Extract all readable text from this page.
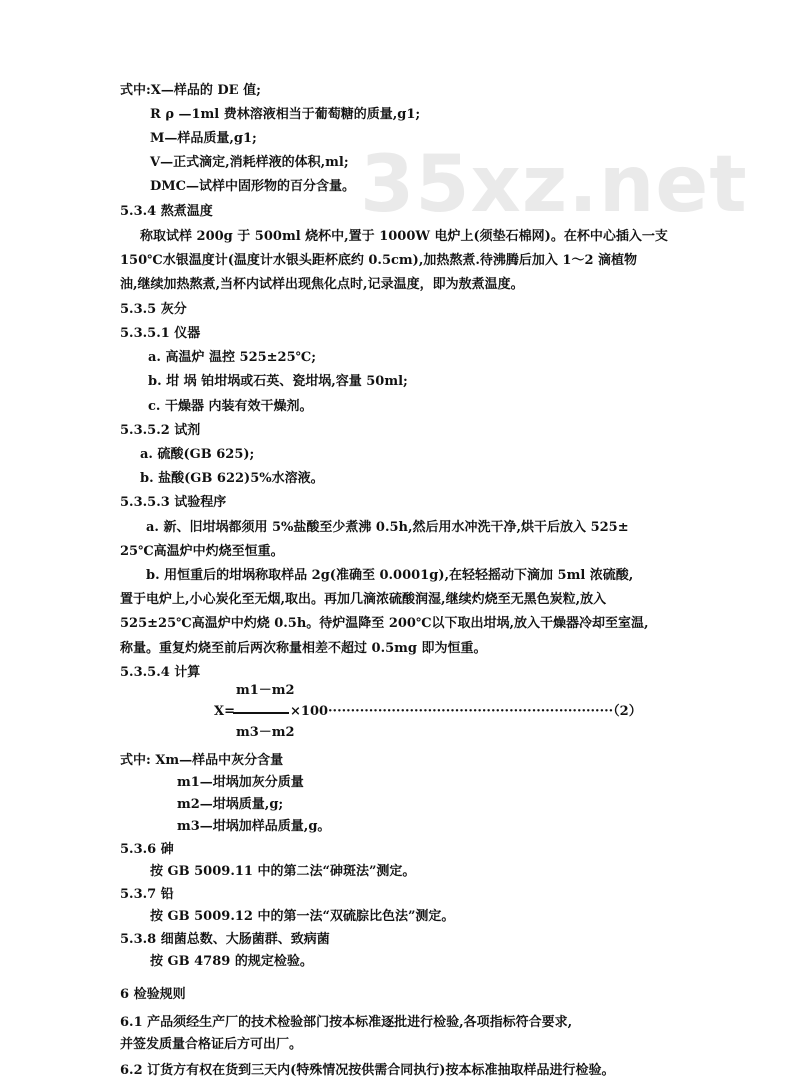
35xz.net
式中:X—样品的 DE 值;
R ρ —1ml 费林溶液相当于葡萄糖的质量,g1;
M—样品质量,g1;
V—正式滴定,消耗样液的体积,ml;
DMC—试样中固形物的百分含量。
5.3.4 熬煮温度
称取试样 200g 于 500ml 烧杯中,置于 1000W 电炉上(须垫石棉网)。在杯中心插入一支
150℃水银温度计(温度计水银头距杯底约 0.5cm),加热熬煮.待沸腾后加入 1～2 滴植物
油,继续加热熬煮,当杯内试样出现焦化点时,记录温度，即为敖煮温度。
5.3.5 灰分
5.3.5.1 仪器
a. 高温炉 温控 525±25℃;
b. 坩 埚 铂坩埚或石英、瓷坩埚,容量 50ml;
c. 干燥器 内装有效干燥剂。
5.3.5.2 试剂
a. 硫酸(GB 625);
b. 盐酸(GB 622)5%水溶液。
5.3.5.3 试验程序
a. 新、旧坩埚都须用 5%盐酸至少煮沸 0.5h,然后用水冲洗干净,烘干后放入 525±
25℃高温炉中灼烧至恒重。
b. 用恒重后的坩埚称取样品 2g(准确至 0.0001g),在轻轻摇动下滴加 5ml 浓硫酸,
置于电炉上,小心炭化至无烟,取出。再加几滴浓硫酸润湿,继续灼烧至无黑色炭粒,放入
525±25℃高温炉中灼烧 0.5h。待炉温降至 200℃以下取出坩埚,放入干燥器冷却至室温,
称量。重复灼烧至前后两次称量相差不超过 0.5mg 即为恒重。
5.3.5.4 计算
m1－m2
X=	×100·······························································（2）
m3－m2
式中: Xm—样品中灰分含量
m1—坩埚加灰分质量
m2—坩埚质量,g;
m3—坩埚加样品质量,g。
5.3.6 砷
按 GB 5009.11 中的第二法“砷斑法”测定。
5.3.7 铅
按 GB 5009.12 中的第一法“双硫腙比色法”测定。
5.3.8 细菌总数、大肠菌群、致病菌
按 GB 4789 的规定检验。
6 检验规则
6.1 产品须经生产厂的技术检验部门按本标准逐批进行检验,各项指标符合要求,
并签发质量合格证后方可出厂。
6.2 订货方有权在货到三天内(特殊情况按供需合同执行)按本标准抽取样品进行检验。
